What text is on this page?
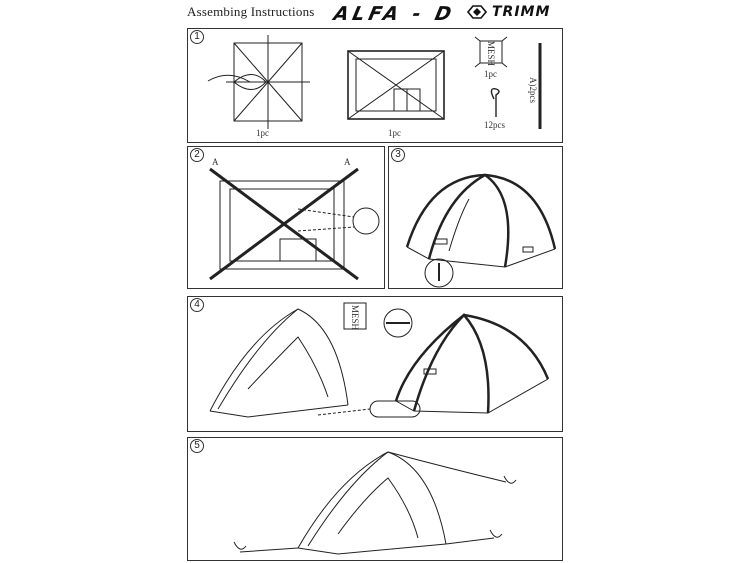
Assembing Instructions ALFA - D TRIMM
1
1pc	1pc
MESH
1pc
12pcs
A)2pcs
2
A	A
3
4
MESH
5
